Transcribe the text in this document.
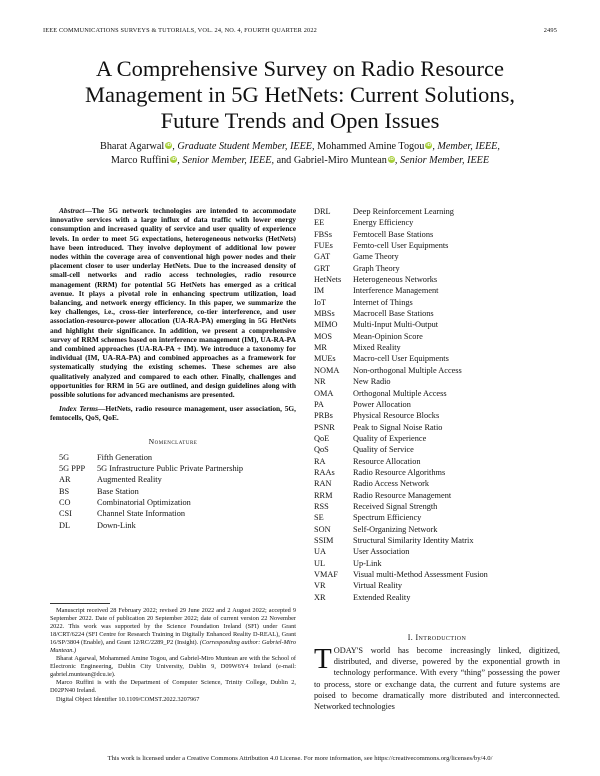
IEEE COMMUNICATIONS SURVEYS & TUTORIALS, VOL. 24, NO. 4, FOURTH QUARTER 2022	2495
A Comprehensive Survey on Radio Resource
Management in 5G HetNets: Current Solutions,
Future Trends and Open Issues
Bharat Agarwal iD, Graduate Student Member, IEEE, Mohammed Amine Togou iD, Member, IEEE,
Marco Ruffini iD, Senior Member, IEEE, and Gabriel-Miro Muntean iD, Senior Member, IEEE

Abstract—The 5G network technologies are intended to accommodate innovative services with a large influx of data traffic with lower energy consumption and increased quality of service and user quality of experience levels. In order to meet 5G expectations, heterogeneous networks (HetNets) have been introduced. They involve deployment of additional low power nodes within the coverage area of conventional high power nodes and their placement closer to user underlay HetNets. Due to the increased density of small-cell networks and radio access technologies, radio resource management (RRM) for potential 5G HetNets has emerged as a critical avenue. It plays a pivotal role in enhancing spectrum utilization, load balancing, and network energy efficiency. In this paper, we summarize the key challenges, i.e., cross-tier interference, co-tier interference, and user association-resource-power allocation (UA-RA-PA) emerging in 5G HetNets and highlight their significance. In addition, we present a comprehensive survey of RRM schemes based on interference management (IM), UA-RA-PA and combined approaches (UA-RA-PA + IM). We introduce a taxonomy for individual (IM, UA-RA-PA) and combined approaches as a framework for systematically studying the existing schemes. These schemes are also qualitatively analyzed and compared to each other. Finally, challenges and opportunities for RRM in 5G are outlined, and design guidelines along with possible solutions for advanced mechanisms are presented.

Index Terms—HetNets, radio resource management, user association, 5G, femtocells, QoS, QoE.

Nomenclature
5G	Fifth Generation
5G PPP	5G Infrastructure Public Private Partnership
AR	Augmented Reality
BS	Base Station
CO	Combinatorial Optimization
CSI	Channel State Information
DL	Down-Link
DRL	Deep Reinforcement Learning
EE	Energy Efficiency
FBSs	Femtocell Base Stations
FUEs	Femto-cell User Equipments
GAT	Game Theory
GRT	Graph Theory
HetNets	Heterogeneous Networks
IM	Interference Management
IoT	Internet of Things
MBSs	Macrocell Base Stations
MIMO	Multi-Input Multi-Output
MOS	Mean-Opinion Score
MR	Mixed Reality
MUEs	Macro-cell User Equipments
NOMA	Non-orthogonal Multiple Access
NR	New Radio
OMA	Orthogonal Multiple Access
PA	Power Allocation
PRBs	Physical Resource Blocks
PSNR	Peak to Signal Noise Ratio
QoE	Quality of Experience
QoS	Quality of Service
RA	Resource Allocation
RAAs	Radio Resource Algorithms
RAN	Radio Access Network
RRM	Radio Resource Management
RSS	Received Signal Strength
SE	Spectrum Efficiency
SON	Self-Organizing Network
SSIM	Structural Similarity Identity Matrix
UA	User Association
UL	Up-Link
VMAF	Visual multi-Method Assessment Fusion
VR	Virtual Reality
XR	Extended Reality

Manuscript received 28 February 2022; revised 29 June 2022 and 2 August 2022; accepted 9 September 2022. Date of publication 20 September 2022; date of current version 22 November 2022. This work was supported by the Science Foundation Ireland (SFI) under Grant 18/CRT/6224 (SFI Centre for Research Training in Digitally Enhanced Reality D-REAL), Grant 16/SP/3804 (Enable), and Grant 12/RC/2289_P2 (Insight). (Corresponding author: Gabriel-Miro Muntean.)

Bharat Agarwal, Mohammed Amine Togou, and Gabriel-Miro Muntean are with the School of Electronic Engineering, Dublin City University, Dublin 9, D09W6Y4 Ireland (e-mail: gabriel.muntean@dcu.ie).

Marco Ruffini is with the Department of Computer Science, Trinity College, Dublin 2, D02PN40 Ireland.

Digital Object Identifier 10.1109/COMST.2022.3207967

I. Introduction

TODAY'S world has become increasingly linked, digitized, distributed, and diverse, powered by the exponential growth in technology performance. With every “thing” possessing the power to process, store or exchange data, the current and future systems are poised to become dramatically more distributed and interconnected. Networked technologies

This work is licensed under a Creative Commons Attribution 4.0 License. For more information, see https://creativecommons.org/licenses/by/4.0/
